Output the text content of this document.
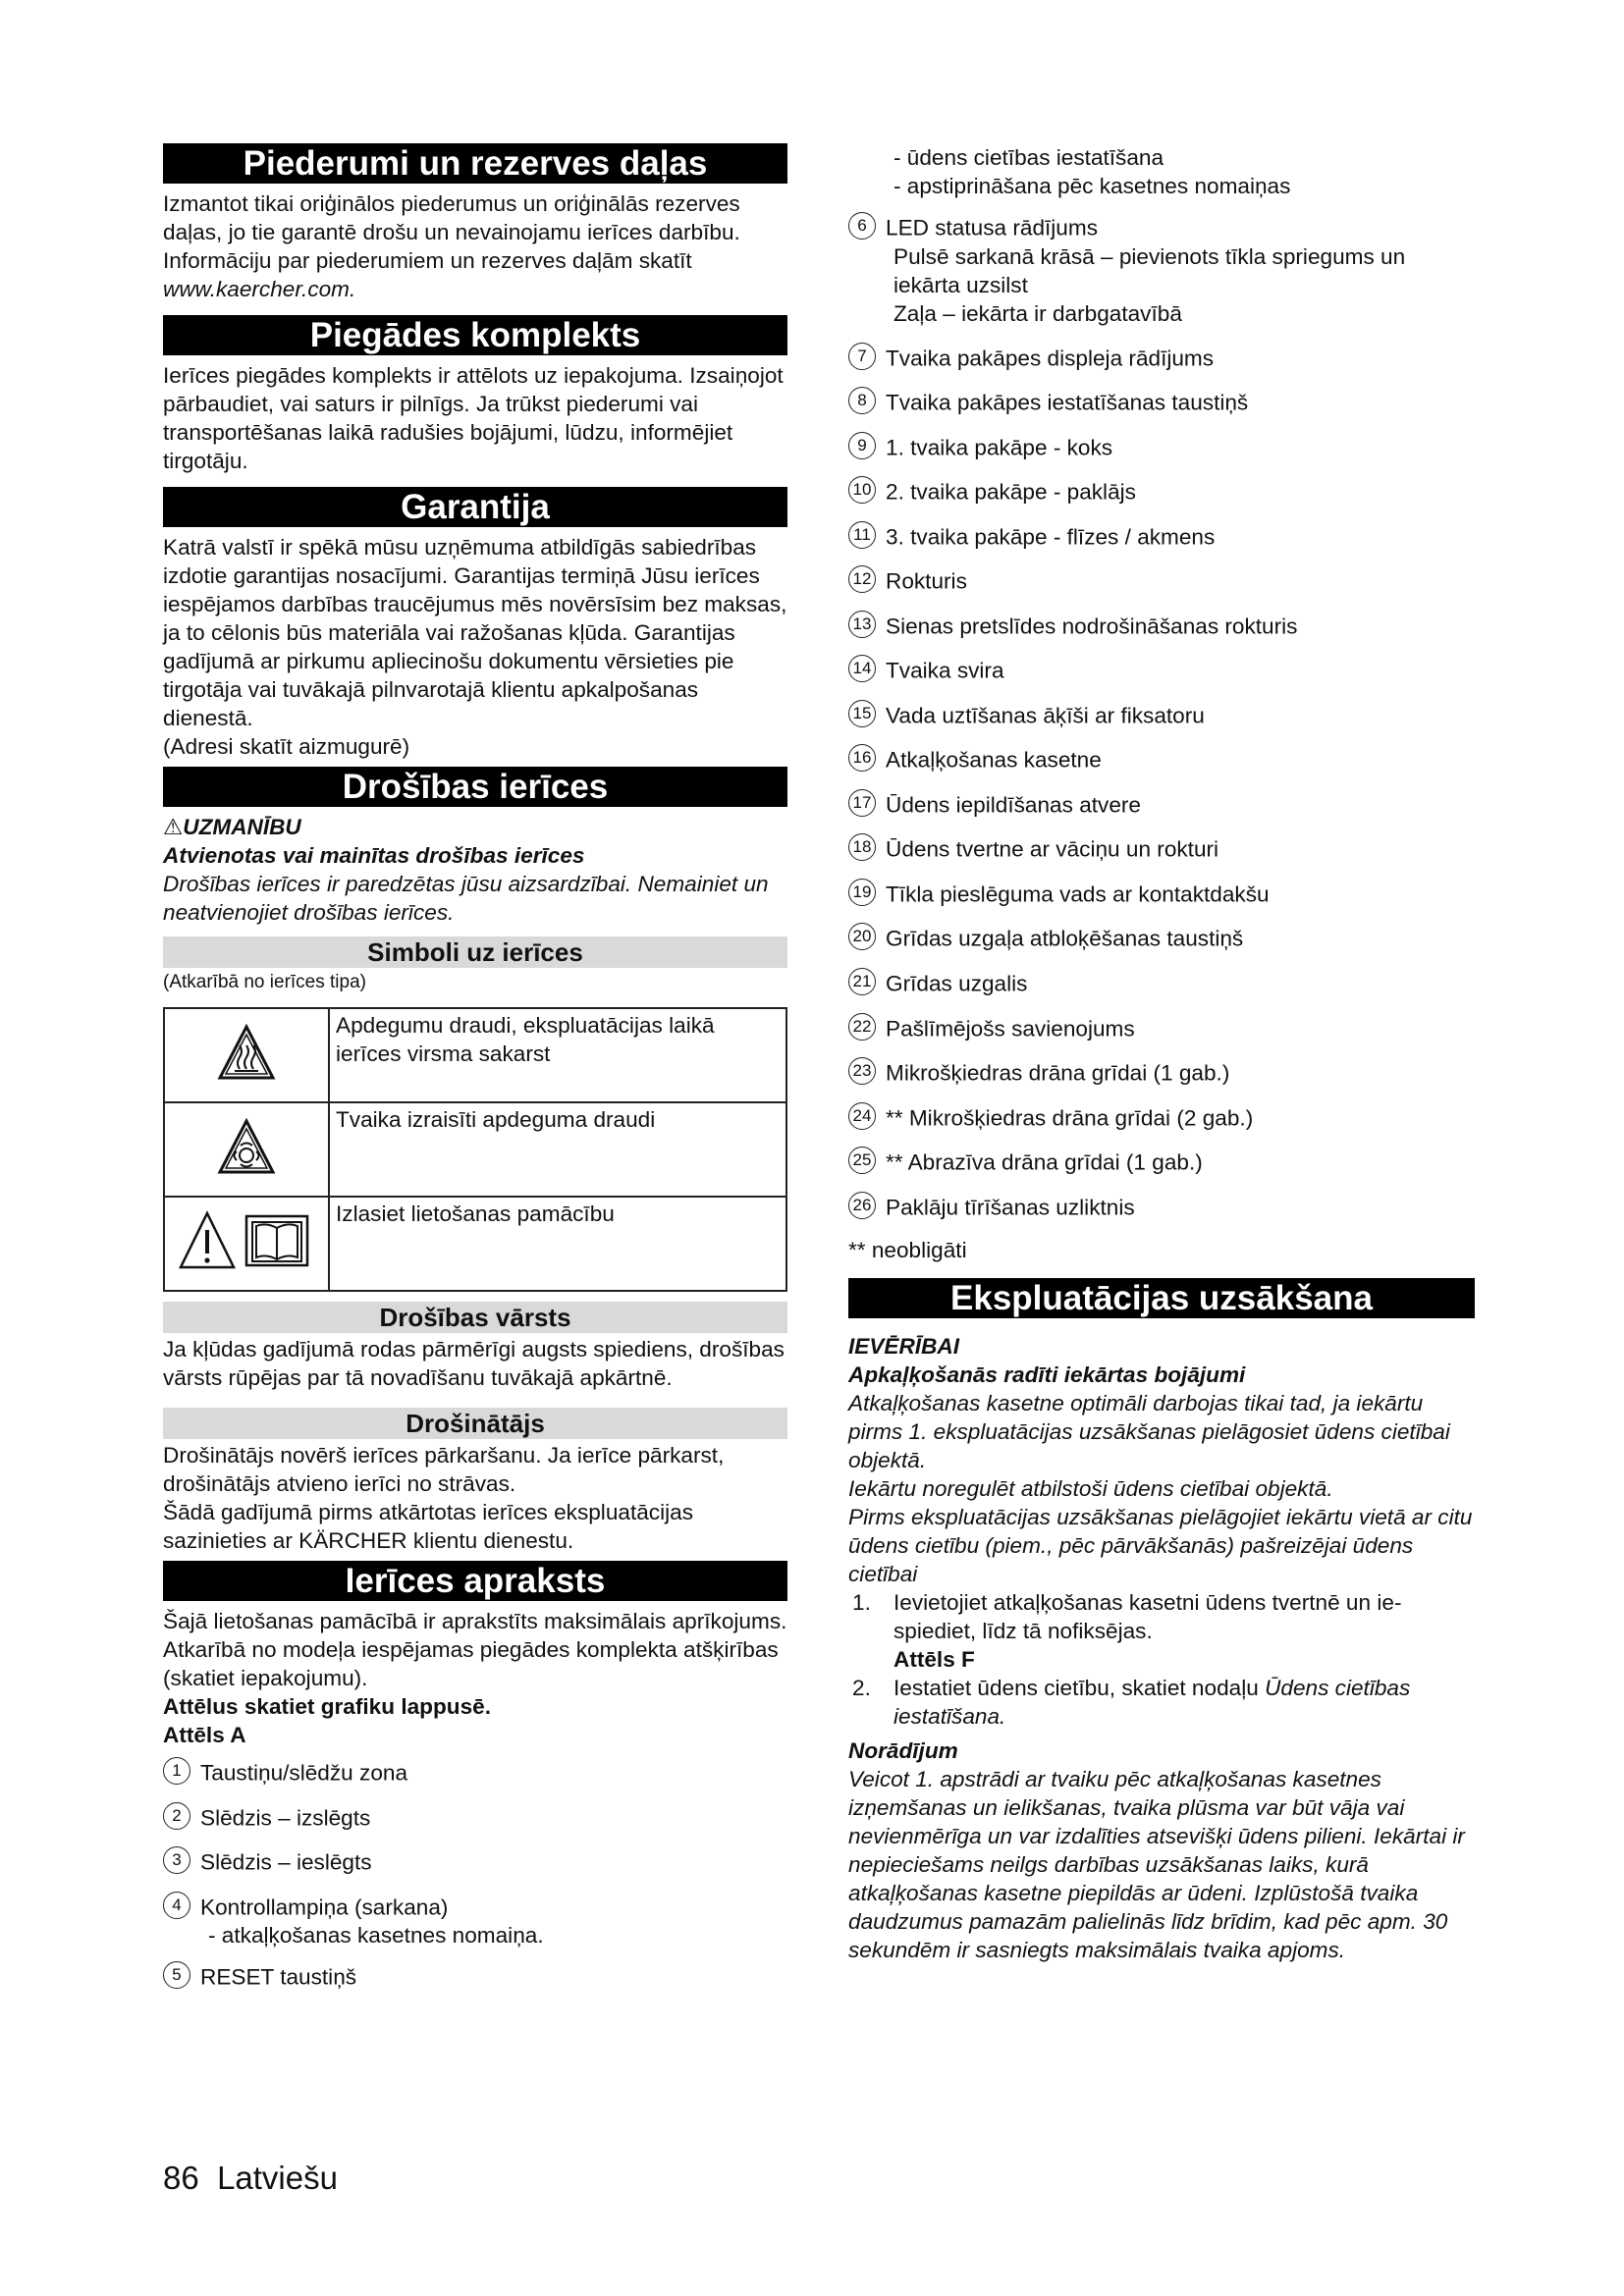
Piederumi un rezerves daļas

Izmantot tikai oriģinālos piederumus un oriģinālās rezerves daļas, jo tie garantē drošu un nevainojamu ierīces darbību.

Informāciju par piederumiem un rezerves daļām skatīt
www.kaercher.com.

Piegādes komplekts

Ierīces piegādes komplekts ir attēlots uz iepakojuma. Izsaiņojot pārbaudiet, vai saturs ir pilnīgs. Ja trūkst piederumi vai transportēšanas laikā radušies bojājumi, lūdzu, informējiet tirgotāju.

Garantija

Katrā valstī ir spēkā mūsu uzņēmuma atbildīgās sabiedrības izdotie garantijas nosacījumi. Garantijas termiņā Jūsu ierīces iespējamos darbības traucējumus mēs novērsīsim bez maksas, ja to cēlonis būs materiāla vai ražošanas kļūda. Garantijas gadījumā ar pirkumu apliecinošu dokumentu vērsieties pie tirgotāja vai tuvākajā pilnvarotajā klientu apkalpošanas dienestā.

(Adresi skatīt aizmugurē)

Drošības ierīces

⚠UZMANĪBU

Atvienotas vai mainītas drošības ierīces

Drošības ierīces ir paredzētas jūsu aizsardzībai. Nemainiet un neatvienojiet drošības ierīces.

Simboli uz ierīces

(Atkarībā no ierīces tipa)

	Apdegumu draudi, ekspluatācijas laikā ierīces virsma sakarst
	Tvaika izraisīti apdeguma draudi
	Izlasiet lietošanas pamācību
Drošības vārsts

Ja kļūdas gadījumā rodas pārmērīgi augsts spiediens, drošības vārsts rūpējas par tā novadīšanu tuvākajā apkārtnē.

Drošinātājs

Drošinātājs novērš ierīces pārkaršanu. Ja ierīce pārkarst, drošinātājs atvieno ierīci no strāvas.

Šādā gadījumā pirms atkārtotas ierīces ekspluatācijas sazinieties ar KÄRCHER klientu dienestu.

Ierīces apraksts

Šajā lietošanas pamācībā ir aprakstīts maksimālais aprīkojums. Atkarībā no modeļa iespējamas piegādes komplekta atšķirības (skatiet iepakojumu).

Attēlus skatiet grafiku lappusē.

Attēls A

1 Taustiņu/slēdžu zona
2 Slēdzis – izslēgts
3 Slēdzis – ieslēgts
4 Kontrollampiņa (sarkana)
- atkaļķošanas kasetnes nomaiņa.
5 RESET taustiņš

- ūdens cietības iestatīšana

- apstiprināšana pēc kasetnes nomaiņas

6 LED statusa rādījums

Pulsē sarkanā krāsā – pievienots tīkla spriegums un iekārta uzsilst
Zaļa – iekārta ir darbgatavībā
7 Tvaika pakāpes displeja rādījums
8 Tvaika pakāpes iestatīšanas taustiņš
9 1. tvaika pakāpe - koks
10 2. tvaika pakāpe - paklājs
11 3. tvaika pakāpe - flīzes / akmens
12 Rokturis
13 Sienas pretslīdes nodrošināšanas rokturis
14 Tvaika svira
15 Vada uztīšanas āķīši ar fiksatoru
16 Atkaļķošanas kasetne
17 Ūdens iepildīšanas atvere
18 Ūdens tvertne ar vāciņu un rokturi
19 Tīkla pieslēguma vads ar kontaktdakšu
20 Grīdas uzgaļa atbloķēšanas taustiņš
21 Grīdas uzgalis
22 Pašlīmējošs savienojums
23 Mikrošķiedras drāna grīdai (1 gab.)
24 ** Mikrošķiedras drāna grīdai (2 gab.)
25 ** Abrazīva drāna grīdai (1 gab.)
26 Paklāju tīrīšanas uzliktnis

** neobligāti

Ekspluatācijas uzsākšana

IEVĒRĪBAI

Apkaļķošanās radīti iekārtas bojājumi

Atkaļķošanas kasetne optimāli darbojas tikai tad, ja iekārtu pirms 1. ekspluatācijas uzsākšanas pielāgosiet ūdens cietībai objektā.

Iekārtu noregulēt atbilstoši ūdens cietībai objektā.

Pirms ekspluatācijas uzsākšanas pielāgojiet iekārtu vietā ar citu ūdens cietību (piem., pēc pārvākšanās) pašreizējai ūdens cietībai

1.	Ievietojiet atkaļķošanas kasetni ūdens tvertnē un iespiediet, līdz tā nofiksējas.
Attēls F
2.	Iestatiet ūdens cietību, skatiet nodaļu Ūdens cietības iestatīšana.

Norādījum

Veicot 1. apstrādi ar tvaiku pēc atkaļķošanas kasetnes izņemšanas un ielikšanas, tvaika plūsma var būt vāja vai nevienmērīga un var izdalīties atsevišķi ūdens pilieni. Iekārtai ir nepieciešams neilgs darbības uzsākšanas laiks, kurā atkaļķošanas kasetne piepildās ar ūdeni. Izplūstošā tvaika daudzumus pamazām palielinās līdz brīdim, kad pēc apm. 30 sekundēm ir sasniegts maksimālais tvaika apjoms.

86 Latviešu
